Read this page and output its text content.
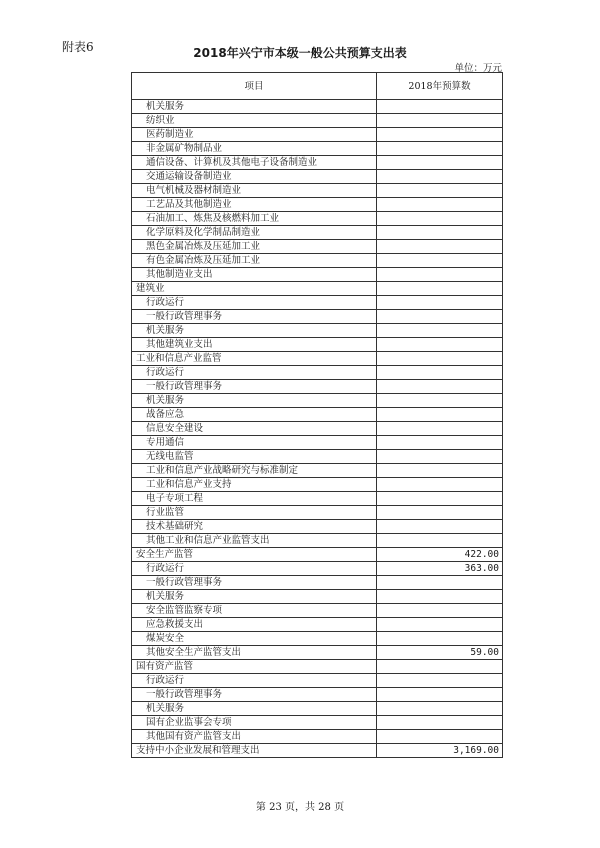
附表6	2018年兴宁市本级一般公共预算支出表
单位：万元
项目	2018年预算数
机关服务	
纺织业	
医药制造业	
非金属矿物制品业	
通信设备、计算机及其他电子设备制造业	
交通运输设备制造业	
电气机械及器材制造业	
工艺品及其他制造业	
石油加工、炼焦及核燃料加工业	
化学原料及化学制品制造业	
黑色金属冶炼及压延加工业	
有色金属冶炼及压延加工业	
其他制造业支出	
建筑业	
行政运行	
一般行政管理事务	
机关服务	
其他建筑业支出	
工业和信息产业监管	
行政运行	
一般行政管理事务	
机关服务	
战备应急	
信息安全建设	
专用通信	
无线电监管	
工业和信息产业战略研究与标准制定	
工业和信息产业支持	
电子专项工程	
行业监管	
技术基础研究	
其他工业和信息产业监管支出	
安全生产监管	422.00
行政运行	363.00
一般行政管理事务	
机关服务	
安全监管监察专项	
应急救援支出	
煤炭安全	
其他安全生产监管支出	59.00
国有资产监管	
行政运行	
一般行政管理事务	
机关服务	
国有企业监事会专项	
其他国有资产监管支出	
支持中小企业发展和管理支出	3,169.00
第 23 页，共 28 页
